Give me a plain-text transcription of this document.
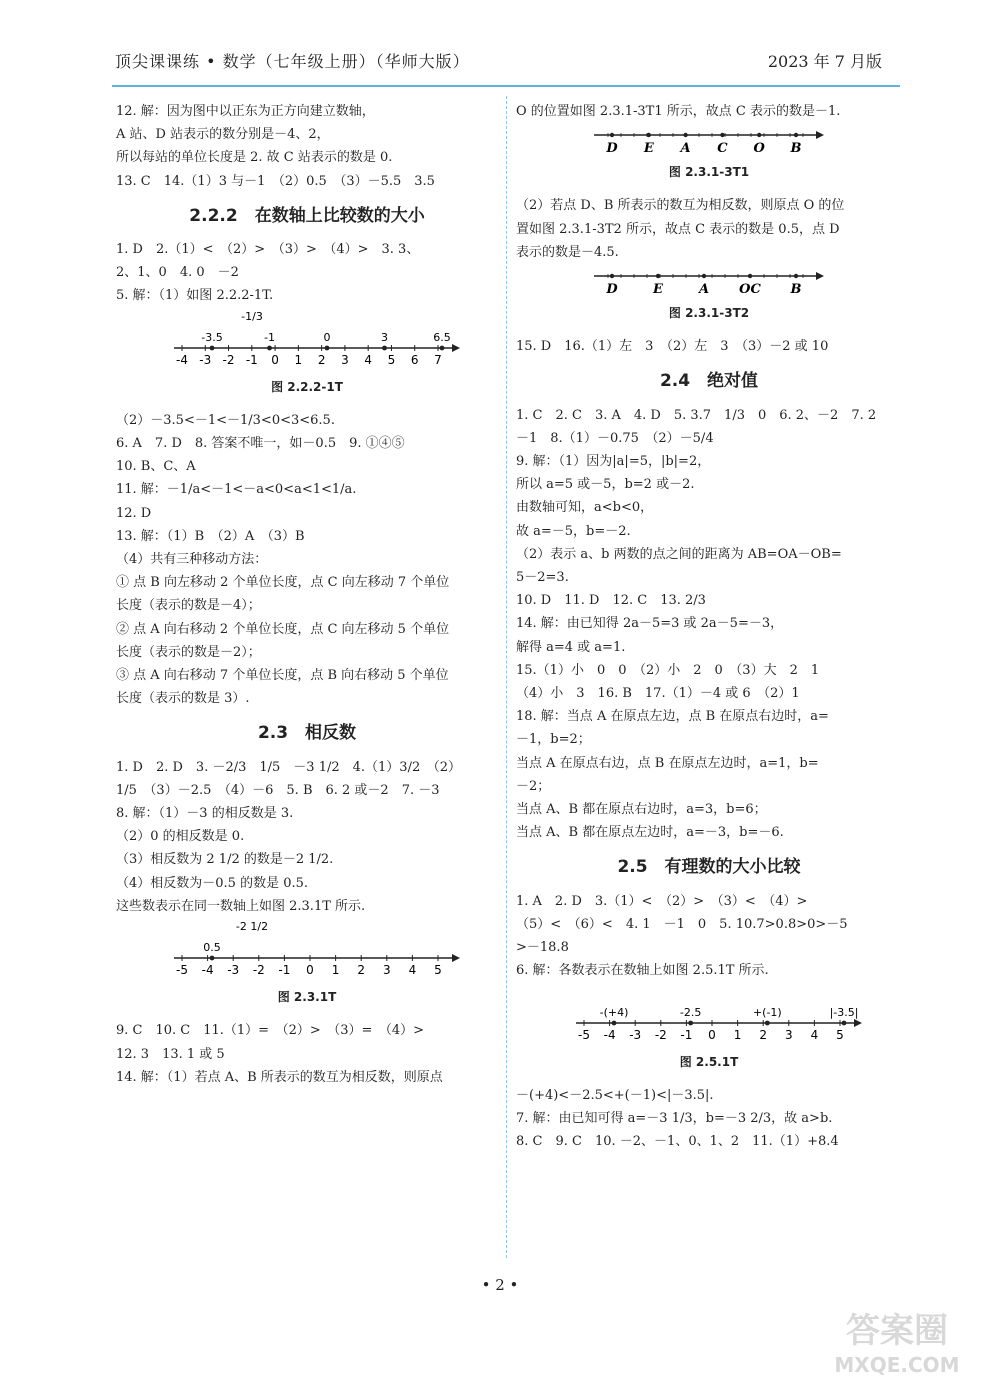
顶尖课课练 • 数学（七年级上册）（华师大版）	2023 年 7 月版
12. 解：因为图中以正东为正方向建立数轴，
A 站、D 站表示的数分别是－4、2，
所以每站的单位长度是 2. 故 C 站表示的数是 0.
13. C　14.（1）3 与－1　（2）0.5　（3）－5.5　3.5
2.2.2　在数轴上比较数的大小
1. D　2.（1）<　（2）>　（3）>　（4）>　3. 3、
2、1、0　4. 0　－2
5. 解：（1）如图 2.2.2-1T.
-4 -3 -2 -1 0 1 2 3 4 5 6 7
-3.5	-1	0	3	6.5
-1/3
图 2.2.2-1T
（2）－3.5<－1<－1/3<0<3<6.5.
6. A　7. D　8. 答案不唯一，如－0.5　9. ①④⑤
10. B、C、A
11. 解：－1/a<－1<－a<0<a<1<1/a.
12. D
13. 解：（1）B　（2）A　（3）B
（4）共有三种移动方法：
① 点 B 向左移动 2 个单位长度，点 C 向左移动 7 个单位
长度（表示的数是－4）；
② 点 A 向右移动 2 个单位长度，点 C 向左移动 5 个单位
长度（表示的数是－2）；
③ 点 A 向右移动 7 个单位长度，点 B 向右移动 5 个单位
长度（表示的数是 3）.
2.3　相反数
1. D　2. D　3. －2/3　1/5　－3 1/2　4.（1）3/2　（2）
1/5　（3）－2.5　（4）－6　5. B　6. 2 或－2　7. －3
8. 解：（1）－3 的相反数是 3.
（2）0 的相反数是 0.
（3）相反数为 2 1/2 的数是－2 1/2.
（4）相反数为－0.5 的数是 0.5.
这些数表示在同一数轴上如图 2.3.1T 所示.
-5 -4 -3 -2 -1 0 1 2 3 4 5
0.5
-2 1/2
图 2.3.1T
9. C　10. C　11.（1）=　（2）>　（3）=　（4）>
12. 3　13. 1 或 5
14. 解：（1）若点 A、B 所表示的数互为相反数，则原点
O 的位置如图 2.3.1-3T1 所示，故点 C 表示的数是－1.
D E A C O B
图 2.3.1-3T1
（2）若点 D、B 所表示的数互为相反数，则原点 O 的位
置如图 2.3.1-3T2 所示，故点 C 表示的数是 0.5，点 D
表示的数是－4.5.
D	E	A OC B
图 2.3.1-3T2
15. D　16.（1）左　3　（2）左　3　（3）－2 或 10
2.4　绝对值
1. C　2. C　3. A　4. D　5. 3.7　1/3　0　6. 2、－2　7. 2
－1　8.（1）－0.75　（2）－5/4
9. 解：（1）因为|a|=5，|b|=2，
所以 a=5 或－5，b=2 或－2.
由数轴可知，a<b<0，
故 a=－5，b=－2.
（2）表示 a、b 两数的点之间的距离为 AB=OA－OB=
5－2=3.
10. D　11. D　12. C　13. 2/3
14. 解：由已知得 2a－5=3 或 2a－5=－3，
解得 a=4 或 a=1.
15.（1）小　0　0　（2）小　2　0　（3）大　2　1
（4）小　3　16. B　17.（1）－4 或 6　（2）1
18. 解：当点 A 在原点左边，点 B 在原点右边时，a=
－1，b=2；
当点 A 在原点右边，点 B 在原点左边时，a=1，b=
－2；
当点 A、B 都在原点右边时，a=3，b=6；
当点 A、B 都在原点左边时，a=－3，b=－6.
2.5　有理数的大小比较
1. A　2. D　3.（1）<　（2）>　（3）<　（4）>
（5）<　（6）<　4. 1　－1　0　5. 10.7>0.8>0>－5
>－18.8
6. 解：各数表示在数轴上如图 2.5.1T 所示.
-5 -4 -3 -2 -1 0 1 2 3 4 5
-(+4)	-2.5	+(-1)	|-3.5|
图 2.5.1T
－(+4)<－2.5<+(－1)<|－3.5|.
7. 解：由已知可得 a=－3 1/3，b=－3 2/3，故 a>b.
8. C　9. C　10. －2、－1、0、1、2　11.（1）+8.4
• 2 •
答案圈
MXQE.COM
